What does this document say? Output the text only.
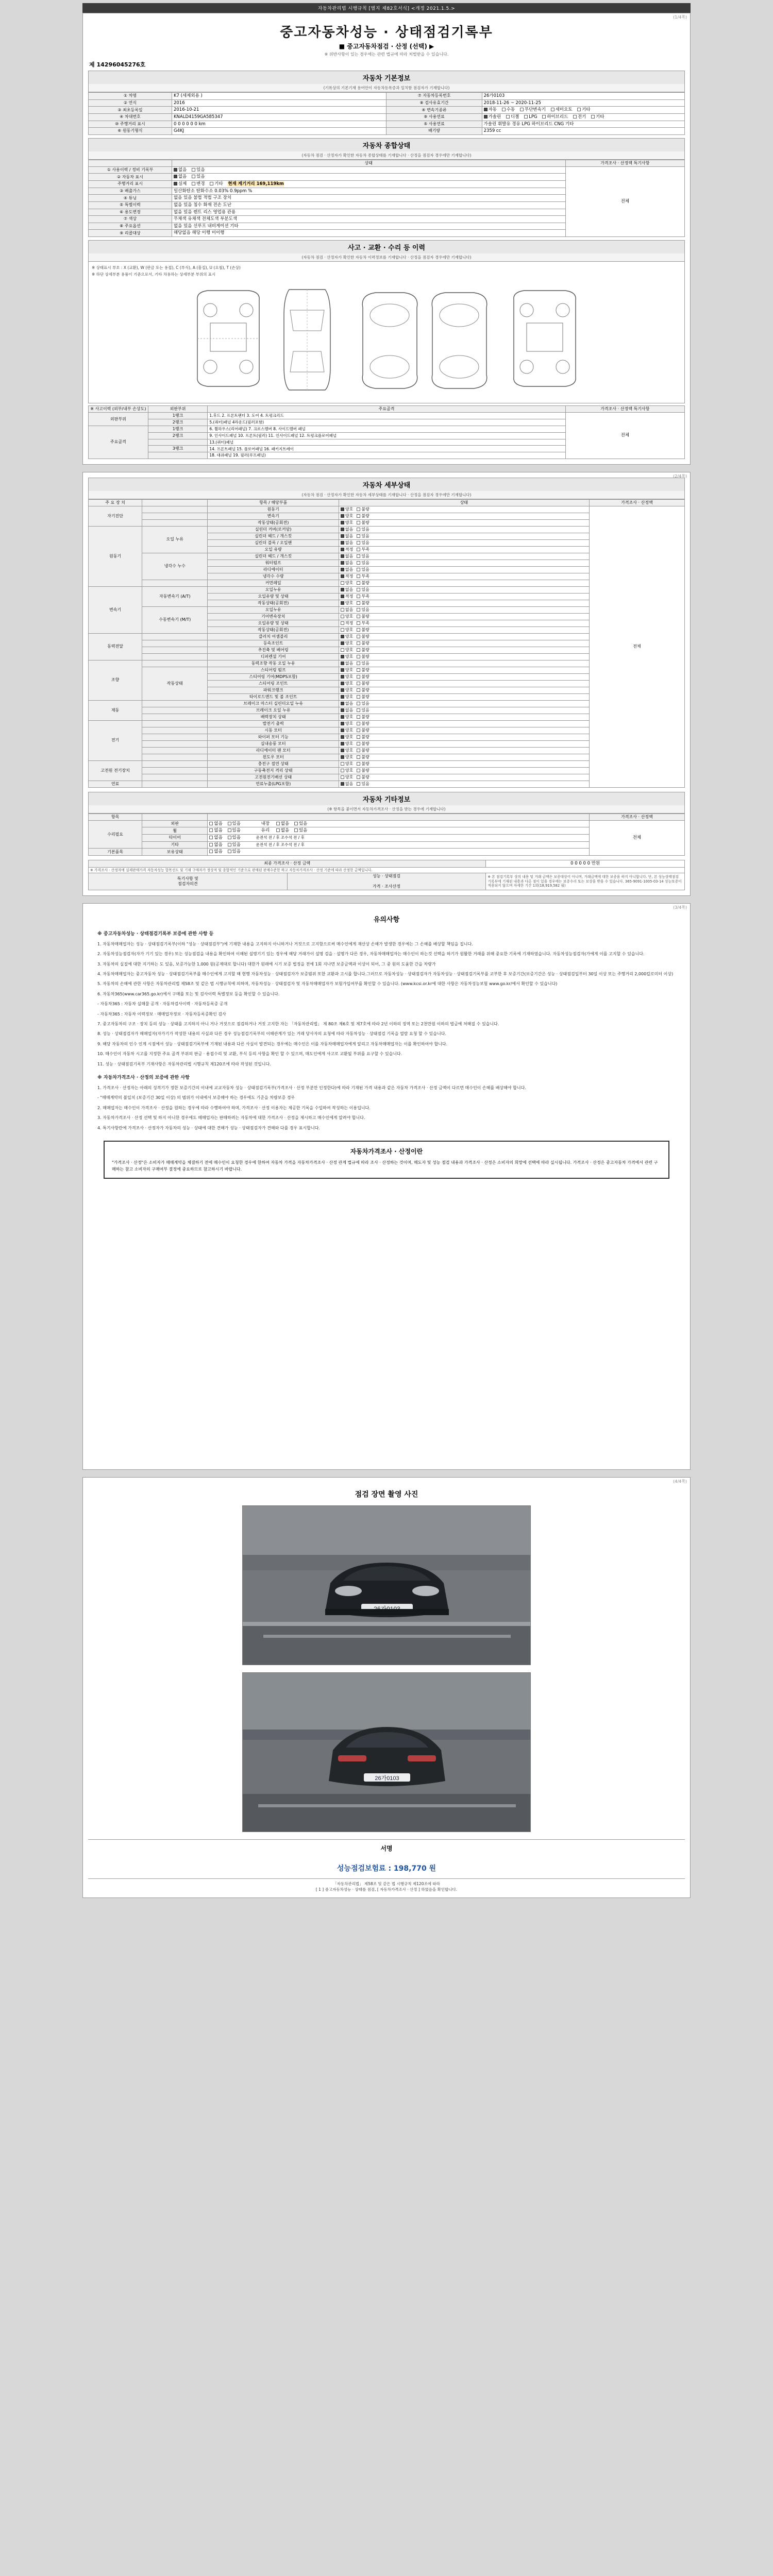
자동차관리법 시행규칙 [별지 제82호서식] <개정 2021.1.5.>
(1/4쪽)
중고자동차성능 · 상태점검기록부
■ 중고자동차점검 · 산정 (선택) ▶
※ 위반사항이 있는 경우에는 관련 법규에 따라 처벌받을 수 있습니다.
제 14296045276호
자동차 기본정보
(기록상의 기본기재 용어안이 자동차등록증과 일치함 점검자가 기재합니다)
① 차명	K7 (세제외용 )	⑦ 자동차등록번호	26가0103
② 연식	2016	⑧ 검사유효기간	2018-11-26 ~ 2020-11-25
③ 최초등록일	2016-10-21	④ 변속기종류	자동 수동 무단변속기 세미오토 기타
④ 차대번호	KNALD4159GA585347	⑨ 사용연료	가솔린 디젤 LPG 하이브리드 전기 기타
⑩ 주행거리 표시	0 0 0 0 0 0 km	⑤ 사용연료	가솔린 휘발유 경유 LPG 하이브리드 CNG 기타
⑥ 원동기형식	G4KJ	배기량	2359 cc
자동차 종합상태
(자동차 점검 · 산정자가 확인한 자동차 종합상태를 기재합니다 · 산정을 점검자 경우에만 기재합니다)
	상태	가격조사 · 산정액 특기사항
① 사용이력 / 정비 기록부	없음 있음	전체
② 자동차 표시	없음 있음	
주행거리 표시	실제 변경 기타 현재 계기거리 169,119km	
③ 배출가스	일산화탄소 탄화수소 0.03% 0.9ppm %	
④ 튜닝	없음 있음 불법 적법 구조 장치	
⑤ 특별이력	없음 있음 침수 화재 전손 도난	
⑥ 용도변경	없음 있음 렌트 리스 영업용 관용	
⑦ 색상	무채색 유채색 전체도색 부분도색	
⑧ 주요옵션	없음 있음 선루프 내비게이션 기타	
⑨ 리콜대상	해당없음 해당 이행 미이행	
사고 · 교환 · 수리 등 이력
(자동차 점검 · 산정자가 확인한 자동차 이력정보를 기재합니다 · 산정을 점검자 경우에만 기재합니다)
※ 상태표시 부호 : X (교환), W (판금 또는 용접), C (부식), A (흠집), U (요철), T (손상)
※ 하단 상세부분 용품이 기준으로서, 기타 차용하는 상세부분 부위의 표시
※ 사고이력 (외부/내부 손상도)	외판부위	주요골격	가격조사 · 산정액 특기사항
외판부위	1랭크	1.후드 2. 프론트팬더 3. 도어 4. 트렁크리드	전체
	2랭크	5.(쿼터)패널 4라운드(필러포함)	
주요골격	1랭크	6. 휠하우스(리어패널) 7. 크로스멤버 8. 사이드멤버 패널	
	2랭크	9. 인사이드패널 10. 프론트(필러) 11. 인사이드패널 12. 트렁크플로어패널	
		13.(쿼터)패널	
	3랭크	14. 프론트패널 15. 플로어패널 16. 패키지트레이	
		18. 대쉬패널 19. 필러(루프패널)	
(2/4쪽)
자동차 세부상태
(자동차 점검 · 산정자가 확인한 자동차 세부상태를 기재합니다 · 산정을 점검자 경우에만 기재합니다)
주 요 장 치		항목 / 해당부품	상태	가격조사 · 산정액
자기진단		원동기	양호 불량	전체
		변속기	양호 불량	
		작동상태(공회전)	양호 불량	
원동기	오일 누유	실린더 커버(로커암)	없음 있음	
		실린더 헤드 / 개스킷	없음 있음	
		실린더 블록 / 오일팬	없음 있음	
		오일 유량	적정 부족	
	냉각수 누수	실린더 헤드 / 개스킷	없음 있음	
		워터펌프	없음 있음	
		라디에이터	없음 있음	
		냉각수 수량	적정 부족	
		커먼레일	양호 불량	
변속기	자동변속기 (A/T)	오일누유	없음 있음	
		오일유량 및 상태	적정 부족	
		작동상태(공회전)	양호 불량	
	수동변속기 (M/T)	오일누유	없음 있음	
		기어변속장치	양호 불량	
		오일유량 및 상태	적정 부족	
		작동상태(공회전)	양호 불량	
동력전달		클러치 어셈블리	양호 불량	
		등속조인트	양호 불량	
		추진축 및 베어링	양호 불량	
		디퍼렌셜 기어	양호 불량	
조향		동력조향 작동 오일 누유	없음 있음	
	작동상태	스티어링 펌프	양호 불량	
		스티어링 기어(MDPS포함)	양호 불량	
		스티어링 조인트	양호 불량	
		파워크랭크	양호 불량	
		타이로드엔드 및 볼 조인트	양호 불량	
제동		브레이크 마스터 실린더오일 누유	없음 있음	
		브레이크 오일 누유	없음 있음	
		배력장치 상태	양호 불량	
전기		발전기 출력	양호 불량	
		시동 모터	양호 불량	
		와이퍼 모터 기능	양호 불량	
		실내송풍 모터	양호 불량	
		라디에이터 팬 모터	양호 불량	
		윈도우 모터	양호 불량	
고전원 전기장치		충전구 절연 상태	양호 불량	
		구동축전지 격리 상태	양호 불량	
		고전원전기배선 상태	양호 불량	
연료		연료누출(LPG포함)	없음 있음	
자동차 기타정보
(※ 항목을 붙이면서 자동차가격조사 · 산정을 받는 경우에 기재합니다)
항목			가격조사 · 산정액
수리필요	외판	없음 있음 내장 없음 있음	전체
	휠	없음 있음 유리 없음 있음	
	타이어	없음 있음 운전석 전 / 후 조수석 전 / 후	
	기타	없음 있음 운전석 전 / 후 조수석 전 / 후	
기본품목	보유상태	없음 있음	
최종 가격조사 · 산정 금액		0 0 0 0 0 만원
※ 가격조사 · 산정자에 실제판매가격 자동차성능 항목선도 및 기재 구매자가 정상적 및 종합적인 기준으로 판매된 판매수준한 하고 자동차가격조사 · 산정 기준에 따라 산정한 금액입니다.		
특기사항 및
점검자의견	성능 · 상태점검

가격 · 조사산정	※ 본 점검기록부 상의 내용 및 거래 금액은 보증대상이 아니며, 거래금액에 대한 보증을 하지 아니합니다. 단, 본 성능상태점검 기록부에 기재된 내용과 다른 점이 있을 경우에는 보증수리 또는 보상을 받을 수 있습니다. 365-9091-1005-03-14 성능보증이 적용되지 않으며 자세한 기간 1회(18,919,582 월)
(3/4쪽)
유의사항
※ 중고자동차성능 · 상태점검기록부 보증에 관한 사항 등

1. 자동차매매업자는 성능 · 상태점검기록부(이하 "성능 · 상태점검부")에 기재한 내용을 고지하지 아니하거나 거짓으로 고지함으로써 매수인에게 재산상 손해가 발생한 경우에는 그 손해를 배상할 책임을 집니다.

2. 자동차성능점검자(자가 기기 있는 경우) 또는 성능점검을 내용을 확인하여 이해된 설명기기 있는 경우에 해당 거래가이 설명 검을 · 설명가 다른 경우, 자동차매매업자는 매수인이 하는것 선택을 하기가 원활한 거래를 위해 중요한 기록에 기재하였습니다. 자동차성능점검자(가에게 이를 고지할 수 있습니다.

3. 자동차의 실질에 대한 지기하는 도 있음, 보증가능한 1,000 원(공제대로 합니다) 대한가 원래에 시기 보증 법정을 전에 1회 지나면 보증금액과 이상이 되어, 그 중 원의 도움한 간을 차량가

4. 자동차매매업자는 중고자동차 성능 · 상태점검기록부를 매수인에게 고지할 때 현행 자동차성능 · 상태점검자가 보증범위 또한 교환과 고시를 합니다.그러므로 자동차성능 · 상태점검자가 자동차성능 · 상태점검기록부를 교부한 후 보증기간(보증기간은 성능 · 상태점검일부터 30일 이상 또는 주행거리 2,000킬로미터 이상)

5. 자동차의 손해에 관한 사항은 자동차관리법 제58조 및 같은 법 시행규칙에 의하며, 자동차성능 · 상태점검자 및 자동차매매업자가 보험가입여부를 확인할 수 있습니다. (www.kcsi.or.kr에 대한 사항은 자동차성능보험 www.go.kr/에서 확인할 수 있습니다)

6. 자동차365(www.car365.go.kr)에서 구매를 또는 및 검사이력 특별정보 등을 확인할 수 있습니다.

- 자동차365 : 자동차 실매물 공개 · 자동차검사이력 · 자동차등록증 공개

- 자동차365 : 자동차 이력정보 · 매매업자정보 · 자동차등록증확인 검사

7. 중고자동차의 구조 · 장치 등의 성능 · 상태를 고지하지 아니 거나 거짓으로 점검하거나 거짓 고지한 자는 「자동차관리법」 제 80조 제6호 및 제7호에 따라 2년 이하의 징역 또는 2천만원 이하의 벌금에 처해질 수 있습니다.

8. 성능 · 상태점검자가 매매업자(자가기가 작성한 내용의 사실과 다른 경우 성능점검기록부의 이해관계가 있는 거래 당사자의 요청에 따라 자동차성능 · 상태점검 기록을 열람 요청 할 수 있습니다.

9. 해당 자동차의 인수 인계 시점에서 성능 · 상태점검기록부에 기재된 내용과 다른 사실이 발견되는 경우에는 매수인은 이를 자동차매매업자에게 알리고 자동차매매업자는 이를 확인하여야 합니다.

10. 매수인이 자동차 시고를 지정한 주요 골격 부위의 판금 · 용접수리 및 교환, 부식 등의 사항을 확인 할 수 있으며, 매도인에게 사고로 교환될 부위를 요구할 수 있습니다.

11. 성능 · 상태점검기록부 기재사항은 자동차관리법 시행규칙 제120조에 따라 작성된 것입니다.

※ 자동차가격조사 · 산정의 보증에 관한 사항

1. 가격조사 · 산정자는 아래의 성격기가 정한 보증기간의 이내에 교교자동차 성능 · 상태점검기록부(가격조사 · 산정 부분만 인정한다)에 따라 기재된 가격 내용과 같은 자동차 가격조사 · 산정 금액이 다르면 매수인이 손해를 배상해야 합니다.

- "매매계약의 불일치 (보증기간 30일 이상) 의 범위가 이내에서 보증해야 하는 경우에도 기준을 차량보증 경우

2. 매매업자는 매수인이 가격조사 · 산정을 원하는 경우에 따라 수행하여야 하며, 가격조사 · 산정 이용자는 제공한 기록을 수입하여 작성하는 이용입니다.

3. 자동차가격조사 · 산정 선택 및 하지 아니한 경우에도 매매업자는 판매하려는 자동차에 대한 가격조사 · 산정을 제시하고 매수인에게 알려야 합니다.

4. 특기사항란에 가격조사 · 산정자가 자동차의 성능 · 상태에 대한 견해가 성능 · 상태점검자가 견해와 다를 경우 표시합니다.

자동차가격조사 · 산정이란

"가격조사 · 산정"은 소비자가 매매계약을 체결하기 전에 매수인이 요청한 경우에 한하여 자동차 가격을 자동차가격조사 · 산정 관계 법규에 따라 조사 · 산정하는 것이며, 매도자 및 성능 점검 내용과 가격조사 · 산정은 소비자의 희망에 선택에 따라 실시됩니다. 가격조사 · 산정은 중고자동차 가격에서 관련 구매하는 참고 소비자의 구매여부 결정에 중요하므로 참고하시기 바랍니다.

(4/4쪽)
점검 장면 촬영 사진
26가0103
서명
성능점검보험료 : 198,770 원
「자동차관리법」 제58조 및 같은 법 시행규칙 제120조에 따라
[ 1 ] 중고자동차성능 · 상태를 점검, [ 자동차가격조사 · 산정 ] 하였음을 확인합니다.
